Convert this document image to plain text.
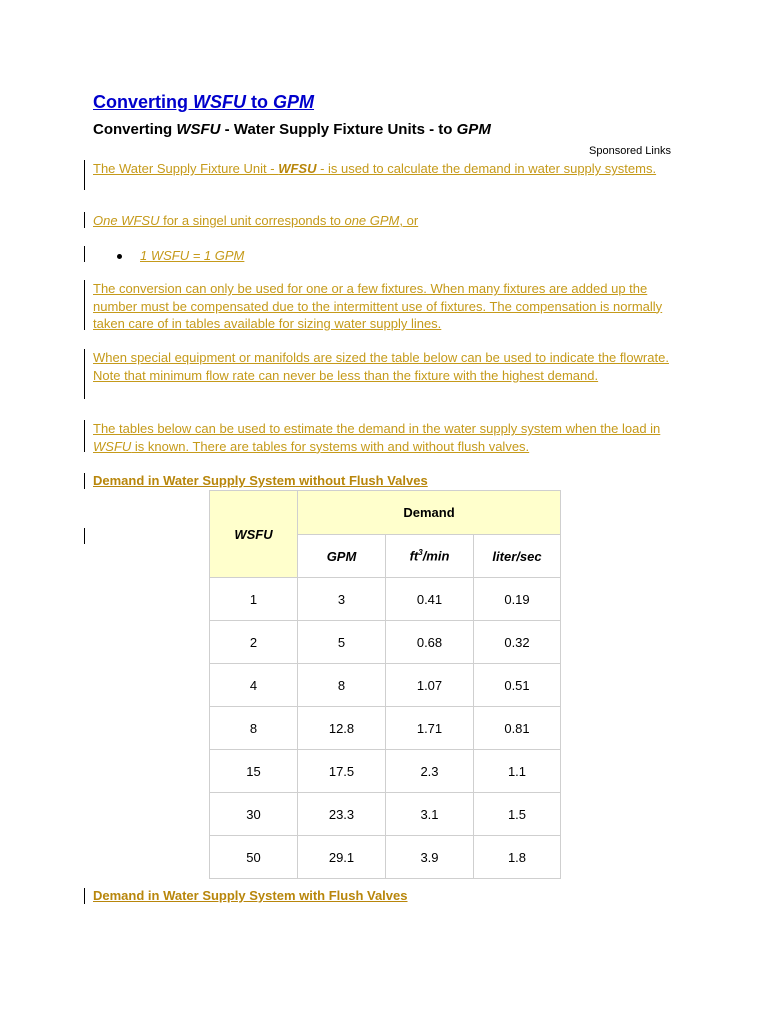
Converting WSFU to GPM
Converting WSFU - Water Supply Fixture Units - to GPM
Sponsored Links
The Water Supply Fixture Unit - WFSU - is used to calculate the demand in water supply systems.
One WFSU for a singel unit corresponds to one GPM, or
1 WSFU = 1 GPM
The conversion can only be used for one or a few fixtures. When many fixtures are added up the number must be compensated due to the intermittent use of fixtures. The compensation is normally taken care of in tables available for sizing water supply lines.
When special equipment or manifolds are sized the table below can be used to indicate the flowrate. Note that minimum flow rate can never be less than the fixture with the highest demand.
The tables below can be used to estimate the demand in the water supply system when the load in WSFU is known. There are tables for systems with and without flush valves.
Demand in Water Supply System without Flush Valves
WSFU	Demand		
	GPM	$ft^3/\min$	liter/sec
1	3	0.41	0.19
2	5	0.68	0.32
4	8	1.07	0.51
8	12.8	1.71	0.81
15	17.5	2.3	1.1
30	23.3	3.1	1.5
50	29.1	3.9	1.8
Demand in Water Supply System with Flush Valves
